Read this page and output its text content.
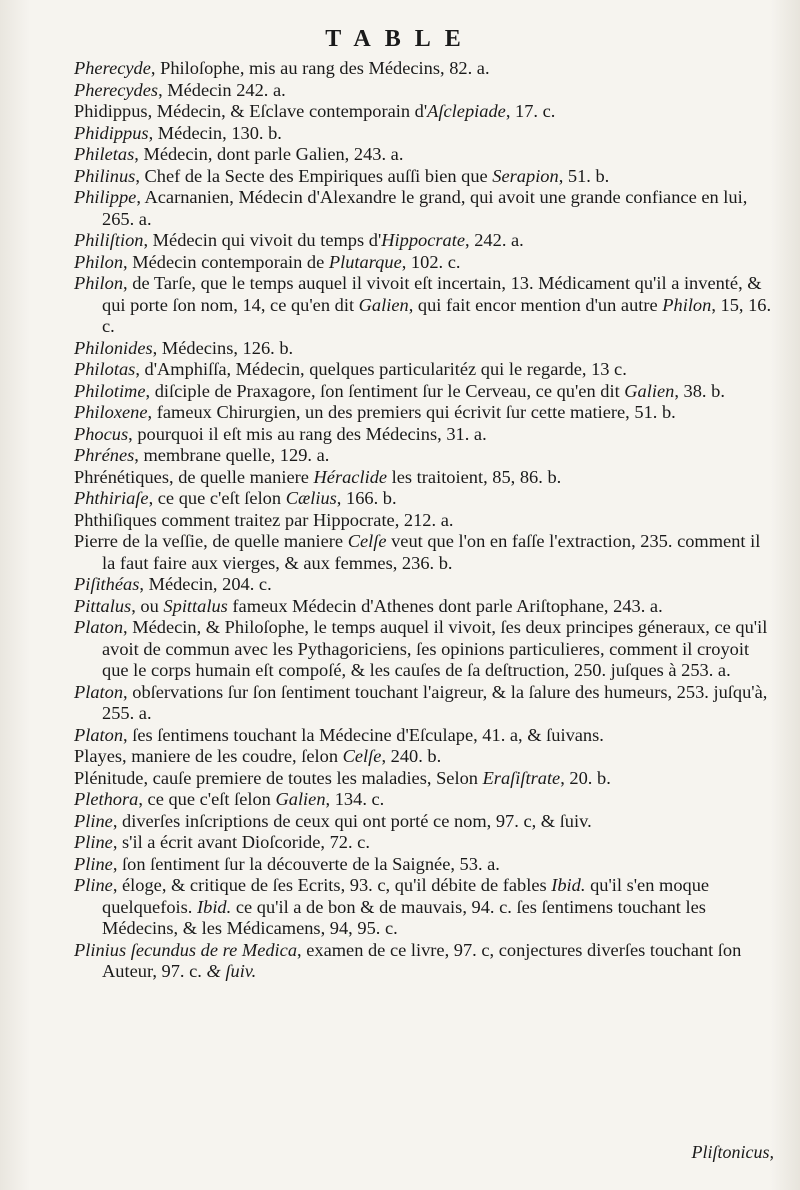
TABLE

Pherecyde, Philoſophe, mis au rang des Médecins, 82. a.

Pherecydes, Médecin 242. a.

Phidippus, Médecin, & Eſclave contemporain d'Aſclepiade, 17. c.

Phidippus, Médecin, 130. b.

Philetas, Médecin, dont parle Galien, 243. a.

Philinus, Chef de la Secte des Empiriques auſſi bien que Serapion, 51. b.

Philippe, Acarnanien, Médecin d'Alexandre le grand, qui avoit une grande confiance en lui, 265. a.

Philiſtion, Médecin qui vivoit du temps d'Hippocrate, 242. a.

Philon, Médecin contemporain de Plutarque, 102. c.

Philon, de Tarſe, que le temps auquel il vivoit eſt incertain, 13. Médicament qu'il a inventé, & qui porte ſon nom, 14, ce qu'en dit Galien, qui fait encor mention d'un autre Philon, 15, 16. c.

Philonides, Médecins, 126. b.

Philotas, d'Amphiſſa, Médecin, quelques particularitéz qui le regarde, 13 c.

Philotime, diſciple de Praxagore, ſon ſentiment ſur le Cerveau, ce qu'en dit Galien, 38. b.

Philoxene, fameux Chirurgien, un des premiers qui écrivit ſur cette matiere, 51. b.

Phocus, pourquoi il eſt mis au rang des Médecins, 31. a.

Phrénes, membrane quelle, 129. a.

Phrénétiques, de quelle maniere Héraclide les traitoient, 85, 86. b.

Phthiriaſe, ce que c'eſt ſelon Cælius, 166. b.

Phthiſiques comment traitez par Hippocrate, 212. a.

Pierre de la veſſie, de quelle maniere Celſe veut que l'on en faſſe l'extraction, 235. comment il la faut faire aux vierges, & aux femmes, 236. b.

Piſithéas, Médecin, 204. c.

Pittalus, ou Spittalus fameux Médecin d'Athenes dont parle Ariſtophane, 243. a.

Platon, Médecin, & Philoſophe, le temps auquel il vivoit, ſes deux principes géneraux, ce qu'il avoit de commun avec les Pythagoriciens, ſes opinions particulieres, comment il croyoit que le corps humain eſt compoſé, & les cauſes de ſa deſtruction, 250. juſques à 253. a.

Platon, obſervations ſur ſon ſentiment touchant l'aigreur, & la ſalure des humeurs, 253. juſqu'à, 255. a.

Platon, ſes ſentimens touchant la Médecine d'Eſculape, 41. a, & ſuivans.

Playes, maniere de les coudre, ſelon Celſe, 240. b.

Plénitude, cauſe premiere de toutes les maladies, Selon Eraſiſtrate, 20. b.

Plethora, ce que c'eſt ſelon Galien, 134. c.

Pline, diverſes inſcriptions de ceux qui ont porté ce nom, 97. c, & ſuiv.

Pline, s'il a écrit avant Dioſcoride, 72. c.

Pline, ſon ſentiment ſur la découverte de la Saignée, 53. a.

Pline, éloge, & critique de ſes Ecrits, 93. c, qu'il débite de fables Ibid. qu'il s'en moque quelquefois. Ibid. ce qu'il a de bon & de mauvais, 94. c. ſes ſentimens touchant les Médecins, & les Médicamens, 94, 95. c.

Plinius ſecundus de re Medica, examen de ce livre, 97. c, conjectures diverſes touchant ſon Auteur, 97. c. & ſuiv.

Pliſtonicus,
